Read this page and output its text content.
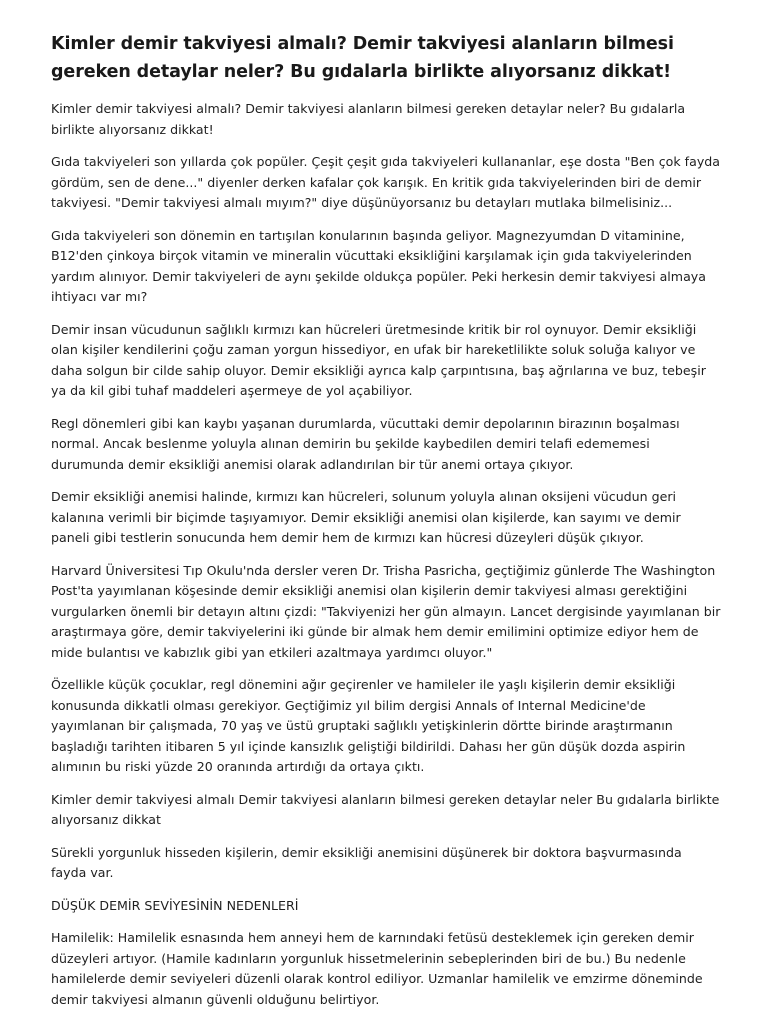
Kimler demir takviyesi almalı? Demir takviyesi alanların bilmesi gereken detaylar neler? Bu gıdalarla birlikte alıyorsanız dikkat!

Kimler demir takviyesi almalı? Demir takviyesi alanların bilmesi gereken detaylar neler? Bu gıdalarla birlikte alıyorsanız dikkat!

Gıda takviyeleri son yıllarda çok popüler. Çeşit çeşit gıda takviyeleri kullananlar, eşe dosta "Ben çok fayda gördüm, sen de dene..." diyenler derken kafalar çok karışık. En kritik gıda takviyelerinden biri de demir takviyesi. "Demir takviyesi almalı mıyım?" diye düşünüyorsanız bu detayları mutlaka bilmelisiniz...

Gıda takviyeleri son dönemin en tartışılan konularının başında geliyor. Magnezyumdan D vitaminine, B12'den çinkoya birçok vitamin ve mineralin vücuttaki eksikliğini karşılamak için gıda takviyelerinden yardım alınıyor. Demir takviyeleri de aynı şekilde oldukça popüler. Peki herkesin demir takviyesi almaya ihtiyacı var mı?

Demir insan vücudunun sağlıklı kırmızı kan hücreleri üretmesinde kritik bir rol oynuyor. Demir eksikliği olan kişiler kendilerini çoğu zaman yorgun hissediyor, en ufak bir hareketlilikte soluk soluğa kalıyor ve daha solgun bir cilde sahip oluyor. Demir eksikliği ayrıca kalp çarpıntısına, baş ağrılarına ve buz, tebeşir ya da kil gibi tuhaf maddeleri aşermeye de yol açabiliyor.

Regl dönemleri gibi kan kaybı yaşanan durumlarda, vücuttaki demir depolarının birazının boşalması normal. Ancak beslenme yoluyla alınan demirin bu şekilde kaybedilen demiri telafi edememesi durumunda demir eksikliği anemisi olarak adlandırılan bir tür anemi ortaya çıkıyor.

Demir eksikliği anemisi halinde, kırmızı kan hücreleri, solunum yoluyla alınan oksijeni vücudun geri kalanına verimli bir biçimde taşıyamıyor. Demir eksikliği anemisi olan kişilerde, kan sayımı ve demir paneli gibi testlerin sonucunda hem demir hem de kırmızı kan hücresi düzeyleri düşük çıkıyor.

Harvard Üniversitesi Tıp Okulu'nda dersler veren Dr. Trisha Pasricha, geçtiğimiz günlerde The Washington Post'ta yayımlanan köşesinde demir eksikliği anemisi olan kişilerin demir takviyesi alması gerektiğini vurgularken önemli bir detayın altını çizdi: "Takviyenizi her gün almayın. Lancet dergisinde yayımlanan bir araştırmaya göre, demir takviyelerini iki günde bir almak hem demir emilimini optimize ediyor hem de mide bulantısı ve kabızlık gibi yan etkileri azaltmaya yardımcı oluyor."

Özellikle küçük çocuklar, regl dönemini ağır geçirenler ve hamileler ile yaşlı kişilerin demir eksikliği konusunda dikkatli olması gerekiyor. Geçtiğimiz yıl bilim dergisi Annals of Internal Medicine'de yayımlanan bir çalışmada, 70 yaş ve üstü gruptaki sağlıklı yetişkinlerin dörtte birinde araştırmanın başladığı tarihten itibaren 5 yıl içinde kansızlık geliştiği bildirildi. Dahası her gün düşük dozda aspirin alımının bu riski yüzde 20 oranında artırdığı da ortaya çıktı.

Kimler demir takviyesi almalı Demir takviyesi alanların bilmesi gereken detaylar neler Bu gıdalarla birlikte alıyorsanız dikkat

Sürekli yorgunluk hisseden kişilerin, demir eksikliği anemisini düşünerek bir doktora başvurmasında fayda var.

DÜŞÜK DEMİR SEVİYESİNİN NEDENLERİ

Hamilelik: Hamilelik esnasında hem anneyi hem de karnındaki fetüsü desteklemek için gereken demir düzeyleri artıyor. (Hamile kadınların yorgunluk hissetmelerinin sebeplerinden biri de bu.) Bu nedenle hamilelerde demir seviyeleri düzenli olarak kontrol ediliyor. Uzmanlar hamilelik ve emzirme döneminde demir takviyesi almanın güvenli olduğunu belirtiyor.
